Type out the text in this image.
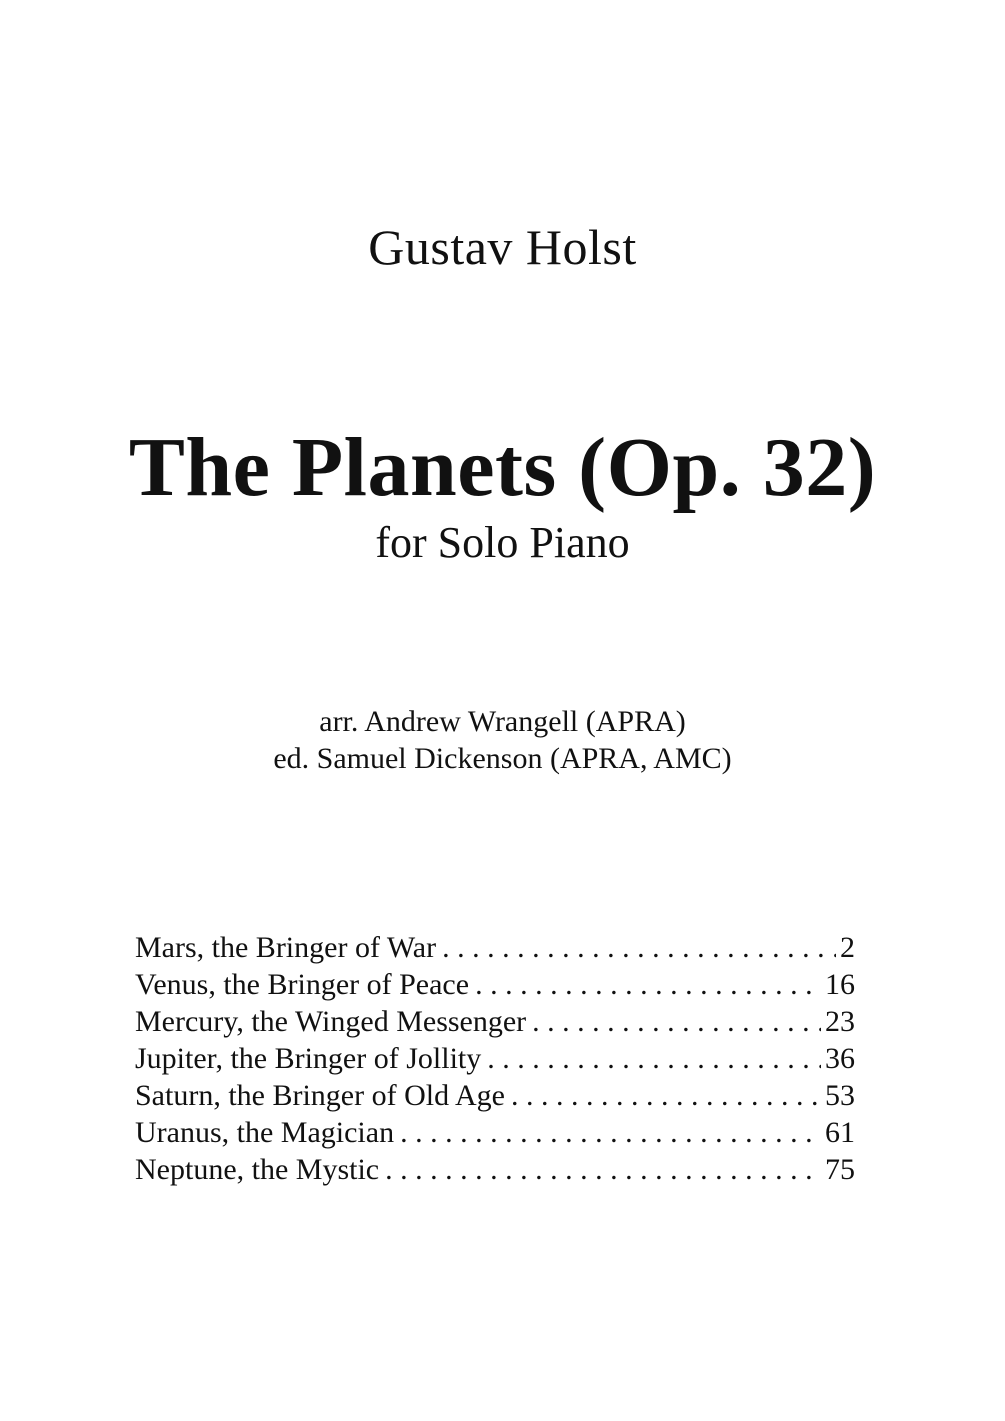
Gustav Holst
The Planets (Op. 32)
for Solo Piano
arr. Andrew Wrangell (APRA)
ed. Samuel Dickenson (APRA, AMC)
Mars, the Bringer of War . . .	2
Venus, the Bringer of Peace . . .	16
Mercury, the Winged Messenger . . .	23
Jupiter, the Bringer of Jollity . . .	36
Saturn, the Bringer of Old Age . . .	53
Uranus, the Magician . . .	61
Neptune, the Mystic . . .	75
